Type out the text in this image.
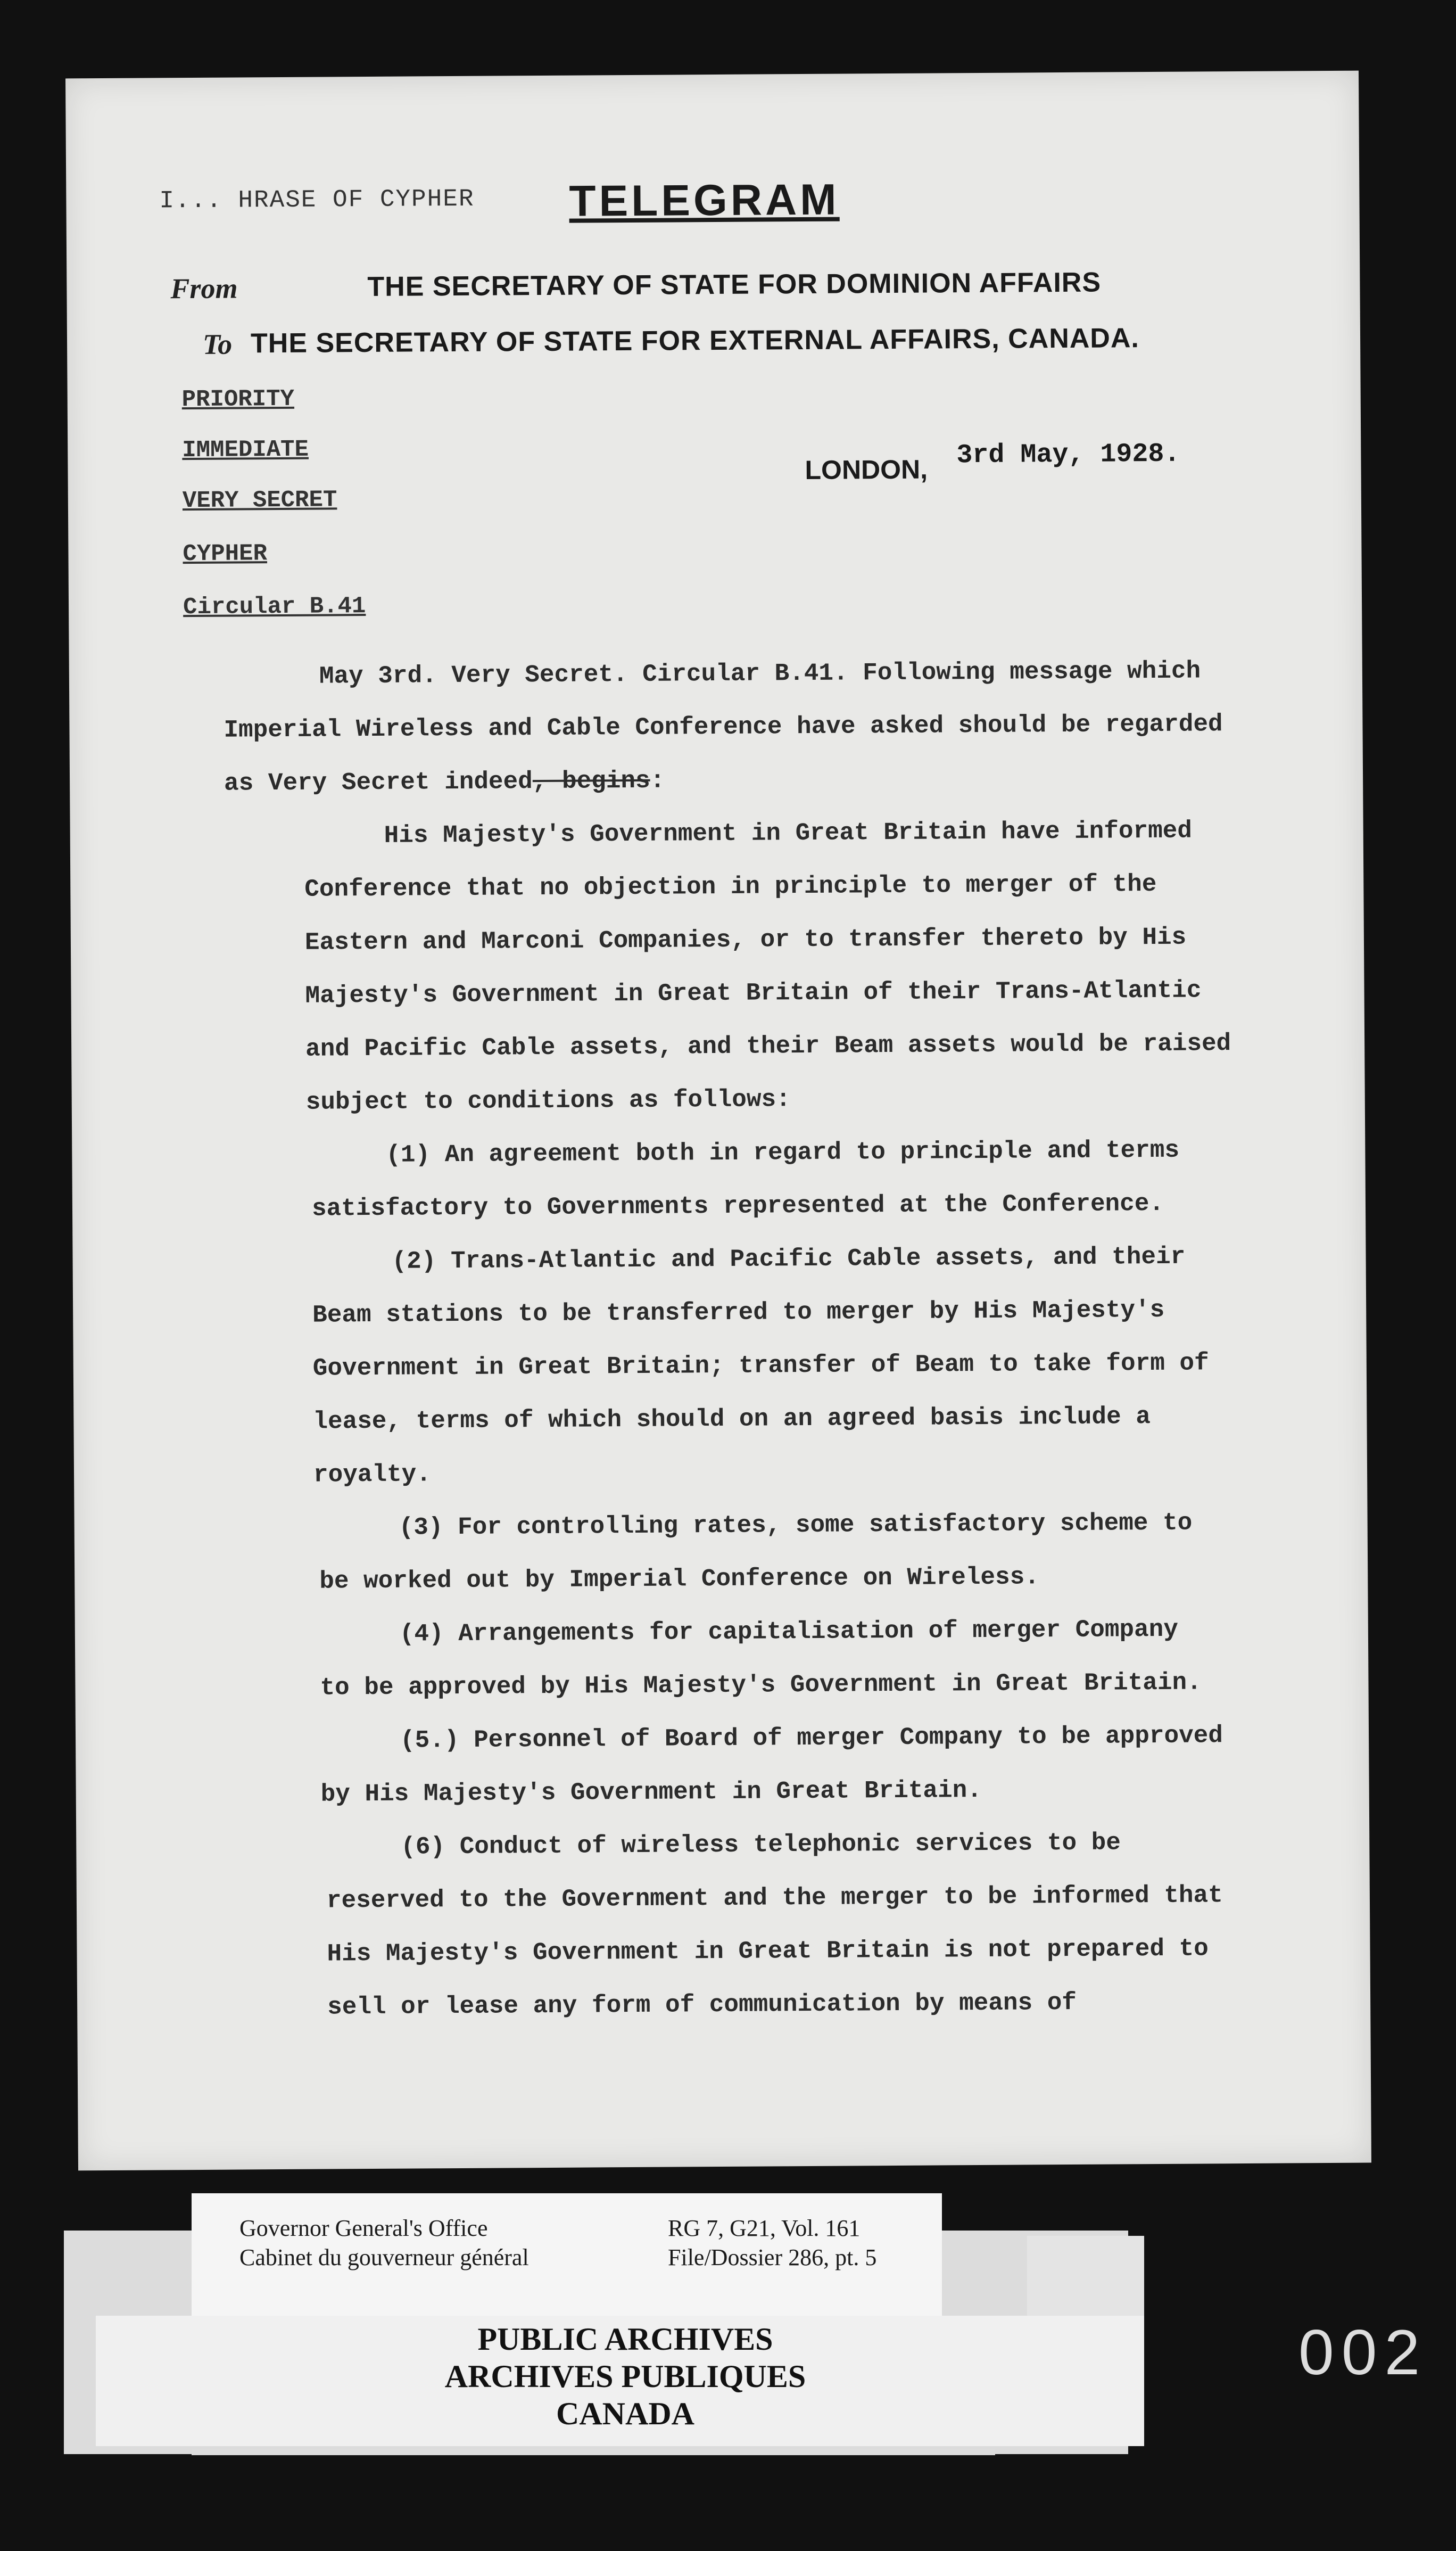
I... HRASE OF CYPHER TELEGRAM
From	THE SECRETARY OF STATE FOR DOMINION AFFAIRS
To THE SECRETARY OF STATE FOR EXTERNAL AFFAIRS, CANADA.
PRIORITY
IMMEDIATE
VERY SECRET
CYPHER
Circular B.41
LONDON, 3rd May, 1928.
May 3rd. Very Secret. Circular B.41. Following message which
Imperial Wireless and Cable Conference have asked should be regarded
as Very Secret indeed, begins:
His Majesty's Government in Great Britain have informed
Conference that no objection in principle to merger of the
Eastern and Marconi Companies, or to transfer thereto by His
Majesty's Government in Great Britain of their Trans-Atlantic
and Pacific Cable assets, and their Beam assets would be raised
subject to conditions as follows:
(1) An agreement both in regard to principle and terms
satisfactory to Governments represented at the Conference.
(2) Trans-Atlantic and Pacific Cable assets, and their
Beam stations to be transferred to merger by His Majesty's
Government in Great Britain; transfer of Beam to take form of
lease, terms of which should on an agreed basis include a
royalty.
(3) For controlling rates, some satisfactory scheme to
be worked out by Imperial Conference on Wireless.
(4) Arrangements for capitalisation of merger Company
to be approved by His Majesty's Government in Great Britain.
(5.) Personnel of Board of merger Company to be approved
by His Majesty's Government in Great Britain.
(6) Conduct of wireless telephonic services to be
reserved to the Government and the merger to be informed that
His Majesty's Government in Great Britain is not prepared to
sell or lease any form of communication by means of
Governor General's Office
Cabinet du gouverneur général
RG 7, G21, Vol. 161
File/Dossier 286, pt. 5
PUBLIC ARCHIVES
ARCHIVES PUBLIQUES
CANADA
002
